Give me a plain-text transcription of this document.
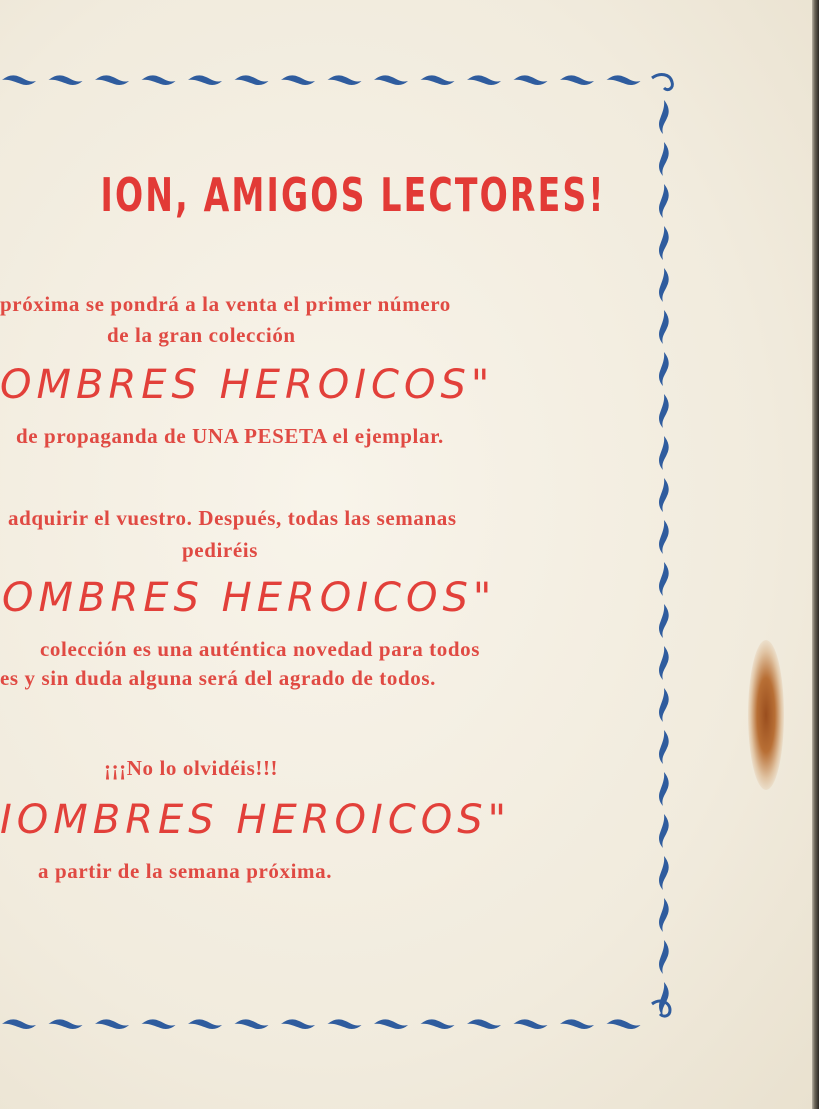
ION, AMIGOS LECTORES!

próxima se pondrá a la venta el primer número

de la gran colección

OMBRES HEROICOS"

de propaganda de UNA PESETA el ejemplar.

adquirir el vuestro. Después, todas las semanas

pediréis

OMBRES HEROICOS"

colección es una auténtica novedad para todos

es y sin duda alguna será del agrado de todos.

¡¡¡No lo olvidéis!!!

IOMBRES HEROICOS"

a partir de la semana próxima.
